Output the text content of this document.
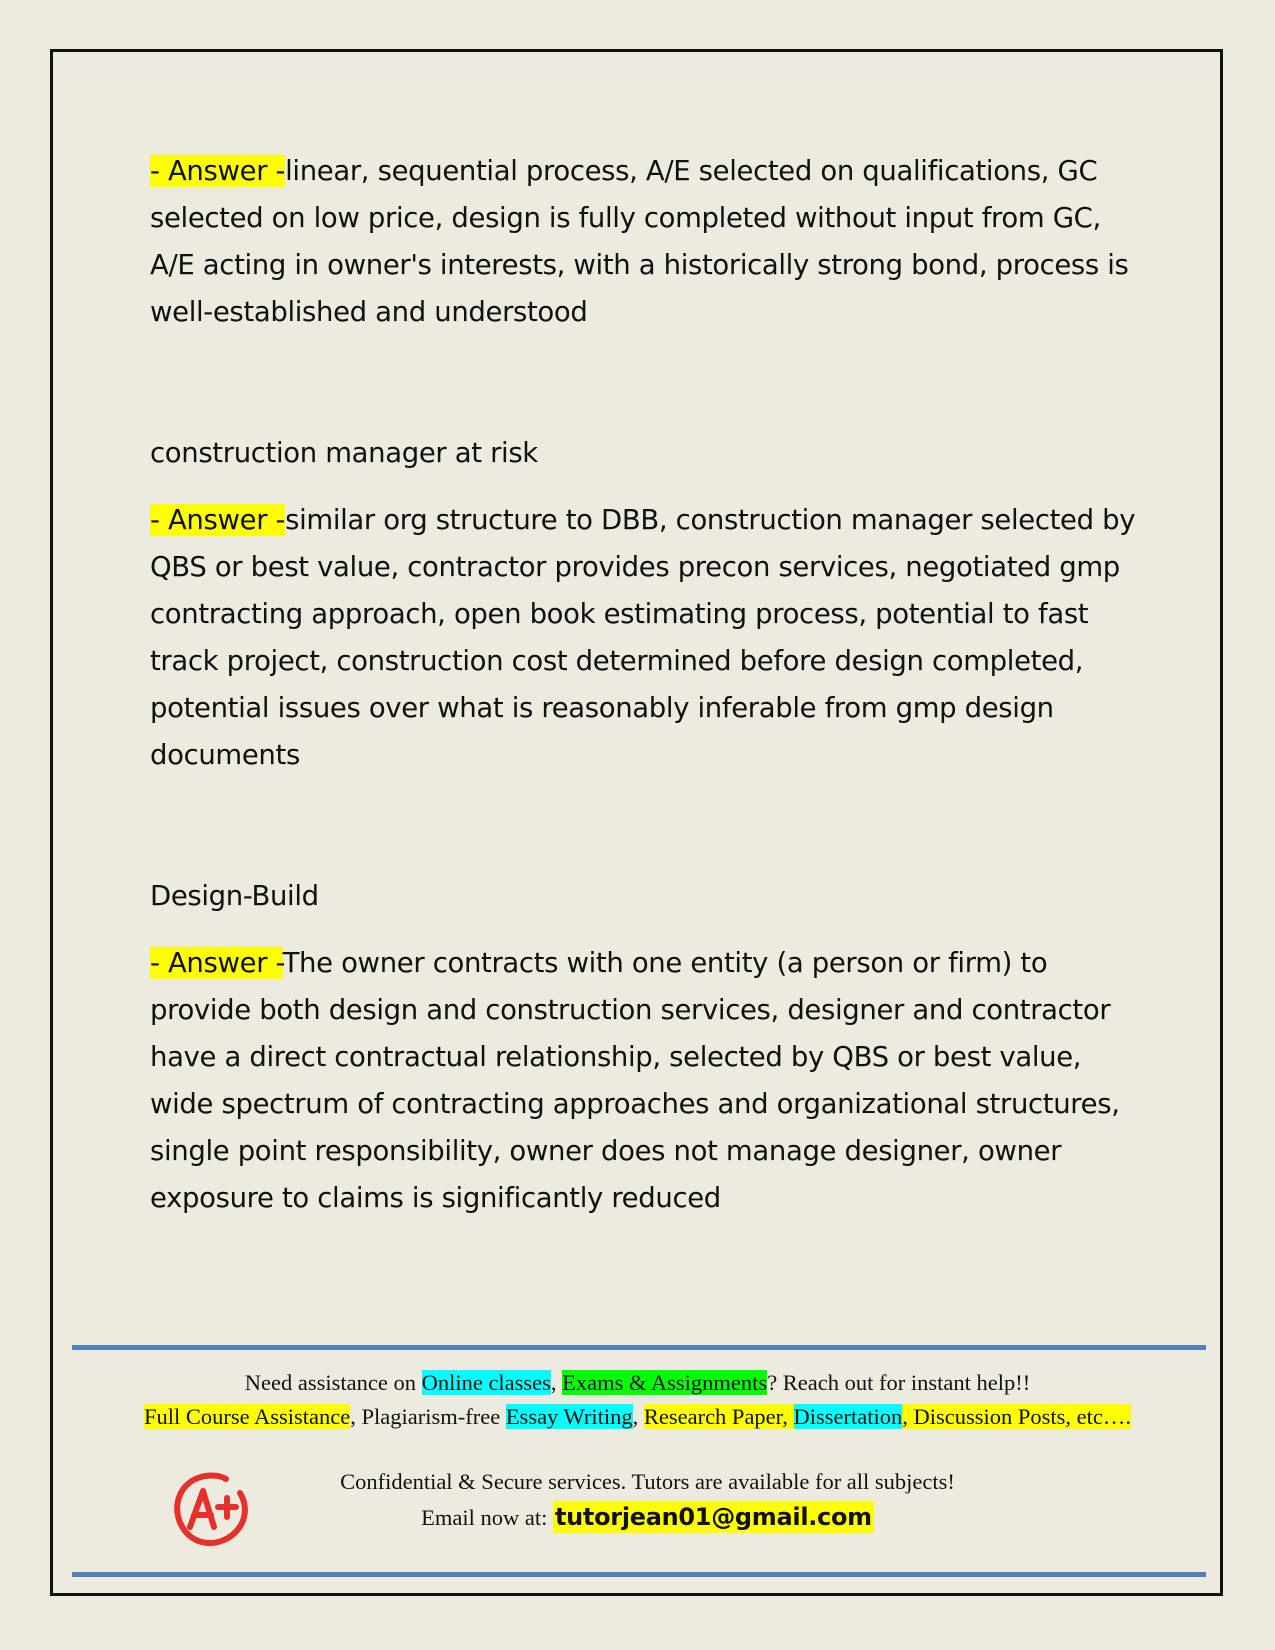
- Answer -linear, sequential process, A/E selected on qualifications, GC selected on low price, design is fully completed without input from GC, A/E acting in owner's interests, with a historically strong bond, process is well-established and understood

construction manager at risk

- Answer -similar org structure to DBB, construction manager selected by QBS or best value, contractor provides precon services, negotiated gmp contracting approach, open book estimating process, potential to fast track project, construction cost determined before design completed, potential issues over what is reasonably inferable from gmp design documents

Design-Build

- Answer -The owner contracts with one entity (a person or firm) to provide both design and construction services, designer and contractor have a direct contractual relationship, selected by QBS or best value, wide spectrum of contracting approaches and organizational structures, single point responsibility, owner does not manage designer, owner exposure to claims is significantly reduced

Need assistance on Online classes, Exams & Assignments? Reach out for instant help!!
Full Course Assistance, Plagiarism-free Essay Writing, Research Paper, Dissertation, Discussion Posts, etc….
Confidential & Secure services. Tutors are available for all subjects!
Email now at: tutorjean01@gmail.com
